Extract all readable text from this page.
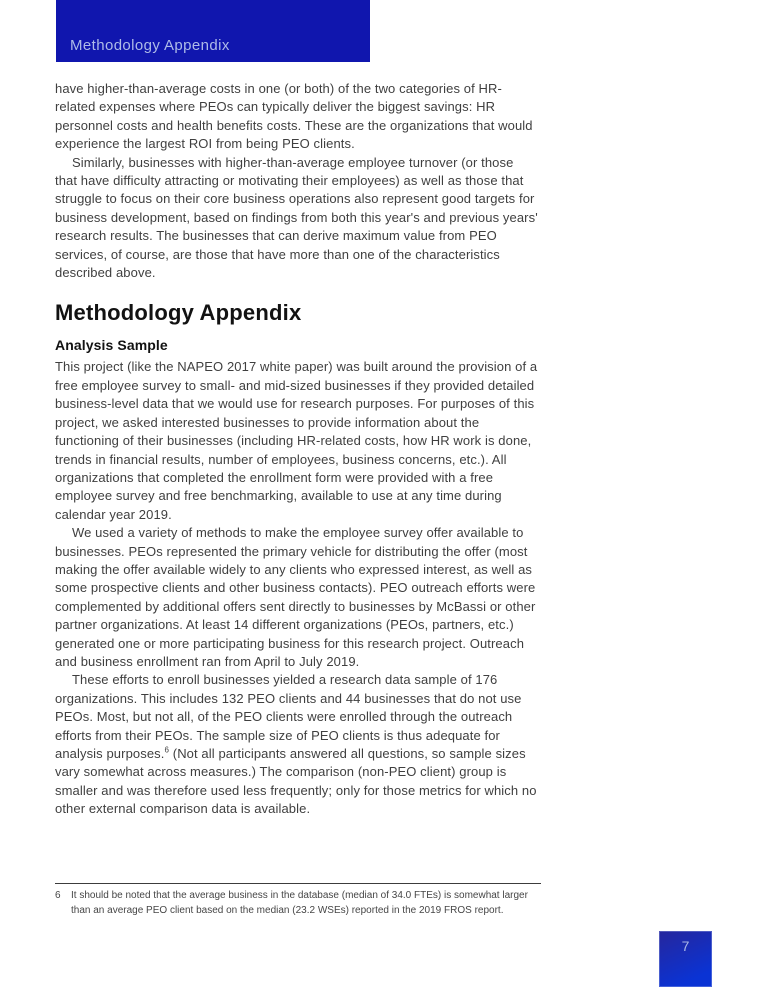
Methodology Appendix

have higher-than-average costs in one (or both) of the two categories of HR-related expenses where PEOs can typically deliver the biggest savings: HR personnel costs and health benefits costs. These are the organizations that would experience the largest ROI from being PEO clients.

Similarly, businesses with higher-than-average employee turnover (or those that have difficulty attracting or motivating their employees) as well as those that struggle to focus on their core business operations also represent good targets for business development, based on findings from both this year's and previous years' research results. The businesses that can derive maximum value from PEO services, of course, are those that have more than one of the characteristics described above.

Methodology Appendix
Analysis Sample

This project (like the NAPEO 2017 white paper) was built around the provision of a free employee survey to small- and mid-sized businesses if they provided detailed business-level data that we would use for research purposes. For purposes of this project, we asked interested businesses to provide information about the functioning of their businesses (including HR-related costs, how HR work is done, trends in financial results, number of employees, business concerns, etc.). All organizations that completed the enrollment form were provided with a free employee survey and free benchmarking, available to use at any time during calendar year 2019.

We used a variety of methods to make the employee survey offer available to businesses. PEOs represented the primary vehicle for distributing the offer (most making the offer available widely to any clients who expressed interest, as well as some prospective clients and other business contacts). PEO outreach efforts were complemented by additional offers sent directly to businesses by McBassi or other partner organizations. At least 14 different organizations (PEOs, partners, etc.) generated one or more participating business for this research project. Outreach and business enrollment ran from April to July 2019.

These efforts to enroll businesses yielded a research data sample of 176 organizations. This includes 132 PEO clients and 44 businesses that do not use PEOs. Most, but not all, of the PEO clients were enrolled through the outreach efforts from their PEOs. The sample size of PEO clients is thus adequate for analysis purposes.$^6$ (Not all participants answered all questions, so sample sizes vary somewhat across measures.) The comparison (non-PEO client) group is smaller and was therefore used less frequently; only for those metrics for which no other external comparison data is available.

6	It should be noted that the average business in the database (median of 34.0 FTEs) is somewhat larger than an average PEO client based on the median (23.2 WSEs) reported in the 2019 FROS report.
7
